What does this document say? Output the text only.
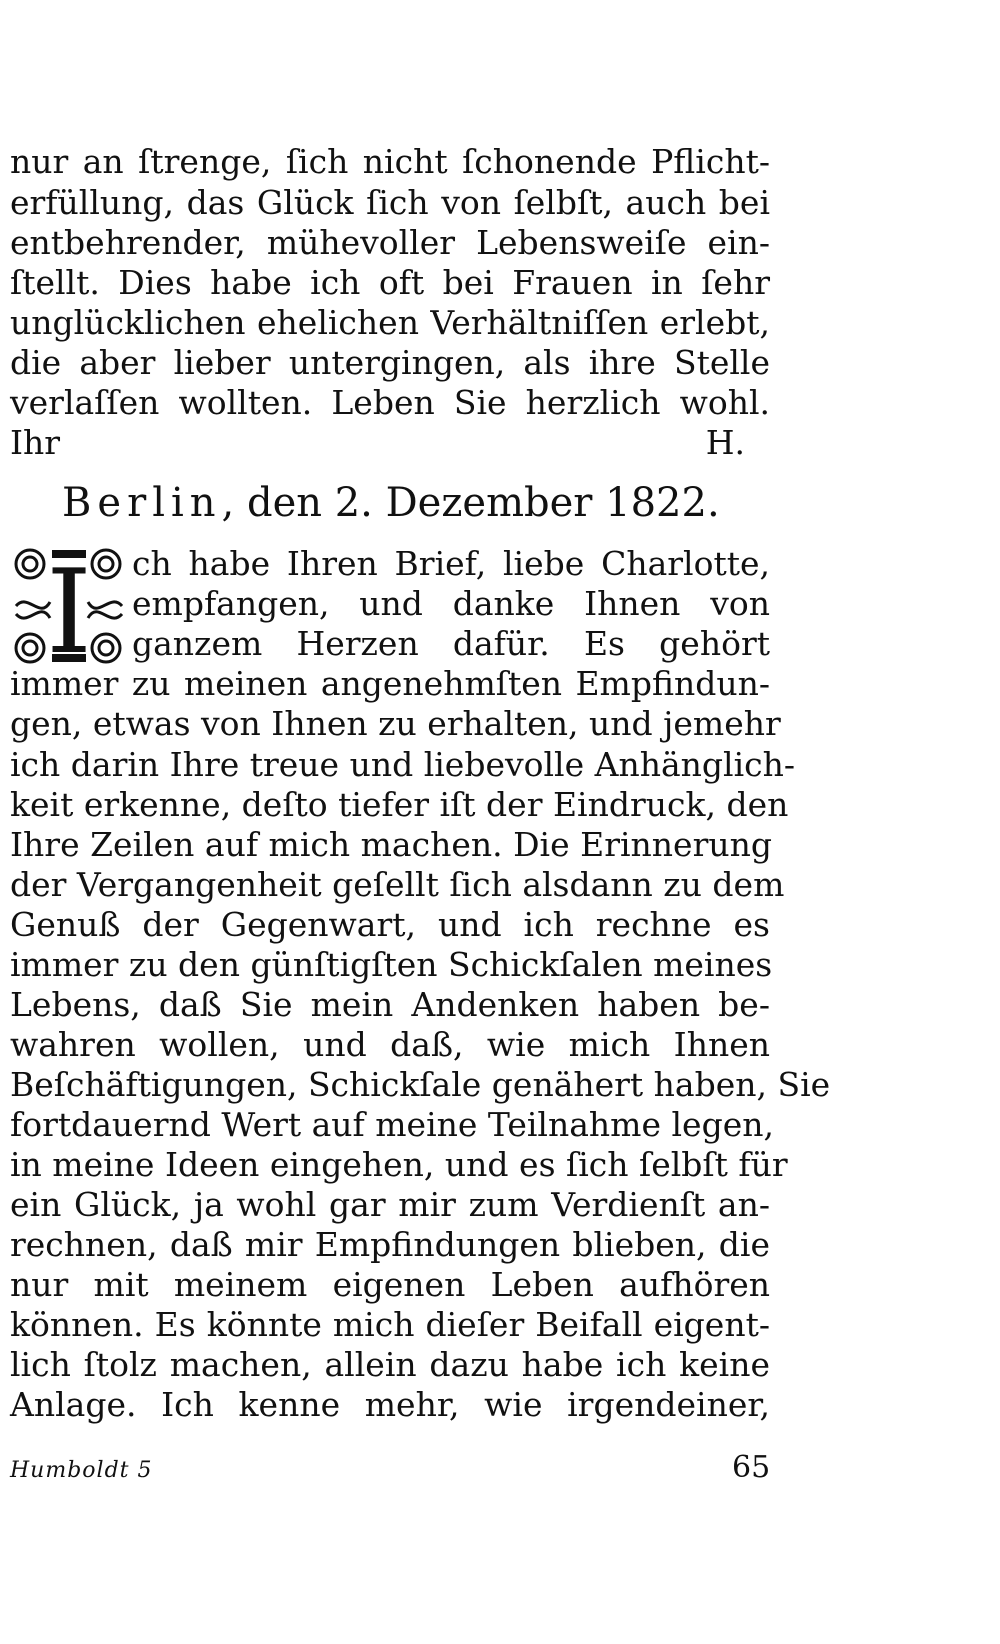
nur an ſtrenge, ſich nicht ſchonende Pflicht-
erfüllung, das Glück ſich von ſelbſt, auch bei
entbehrender, mühevoller Lebensweiſe ein-
ſtellt. Dies habe ich oft bei Frauen in ſehr
unglücklichen ehelichen Verhältniſſen erlebt,
die aber lieber untergingen, als ihre Stelle
verlaſſen wollten. Leben Sie herzlich wohl.
Ihr	H.
Berlin, den 2. Dezember 1822.
I ch habe Ihren Brief, liebe Charlotte,
empfangen, und danke Ihnen von
ganzem Herzen dafür. Es gehört
immer zu meinen angenehmſten Empfindun-
gen, etwas von Ihnen zu erhalten, und jemehr
ich darin Ihre treue und liebevolle Anhänglich-
keit erkenne, deſto tiefer iſt der Eindruck, den
Ihre Zeilen auf mich machen. Die Erinnerung
der Vergangenheit geſellt ſich alsdann zu dem
Genuß der Gegenwart, und ich rechne es
immer zu den günſtigſten Schickſalen meines
Lebens, daß Sie mein Andenken haben be-
wahren wollen, und daß, wie mich Ihnen
Beſchäftigungen, Schickſale genähert haben, Sie
fortdauernd Wert auf meine Teilnahme legen,
in meine Ideen eingehen, und es ſich ſelbſt für
ein Glück, ja wohl gar mir zum Verdienſt an-
rechnen, daß mir Empfindungen blieben, die
nur mit meinem eigenen Leben aufhören
können. Es könnte mich dieſer Beifall eigent-
lich ſtolz machen, allein dazu habe ich keine
Anlage. Ich kenne mehr, wie irgendeiner,
Humboldt 5	65
